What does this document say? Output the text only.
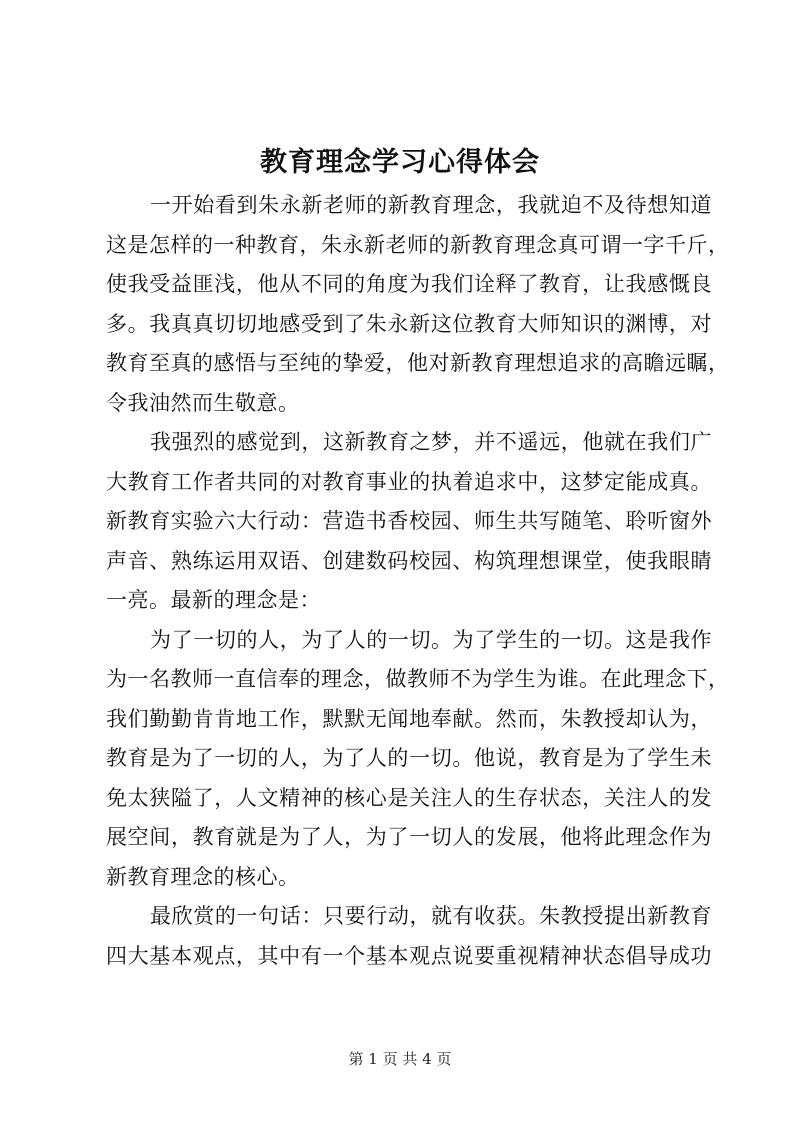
教育理念学习心得体会
一开始看到朱永新老师的新教育理念，我就迫不及待想知道
这是怎样的一种教育，朱永新老师的新教育理念真可谓一字千斤，
使我受益匪浅，他从不同的角度为我们诠释了教育，让我感慨良
多。我真真切切地感受到了朱永新这位教育大师知识的渊博，对
教育至真的感悟与至纯的挚爱，他对新教育理想追求的高瞻远瞩，
令我油然而生敬意。
我强烈的感觉到，这新教育之梦，并不遥远，他就在我们广
大教育工作者共同的对教育事业的执着追求中，这梦定能成真。
新教育实验六大行动：营造书香校园、师生共写随笔、聆听窗外
声音、熟练运用双语、创建数码校园、构筑理想课堂，使我眼睛
一亮。最新的理念是：
为了一切的人，为了人的一切。为了学生的一切。这是我作
为一名教师一直信奉的理念，做教师不为学生为谁。在此理念下，
我们勤勤肯肯地工作，默默无闻地奉献。然而，朱教授却认为，
教育是为了一切的人，为了人的一切。他说，教育是为了学生未
免太狭隘了，人文精神的核心是关注人的生存状态，关注人的发
展空间，教育就是为了人，为了一切人的发展，他将此理念作为
新教育理念的核心。
最欣赏的一句话：只要行动，就有收获。朱教授提出新教育
四大基本观点，其中有一个基本观点说要重视精神状态倡导成功
第 1 页 共 4 页
